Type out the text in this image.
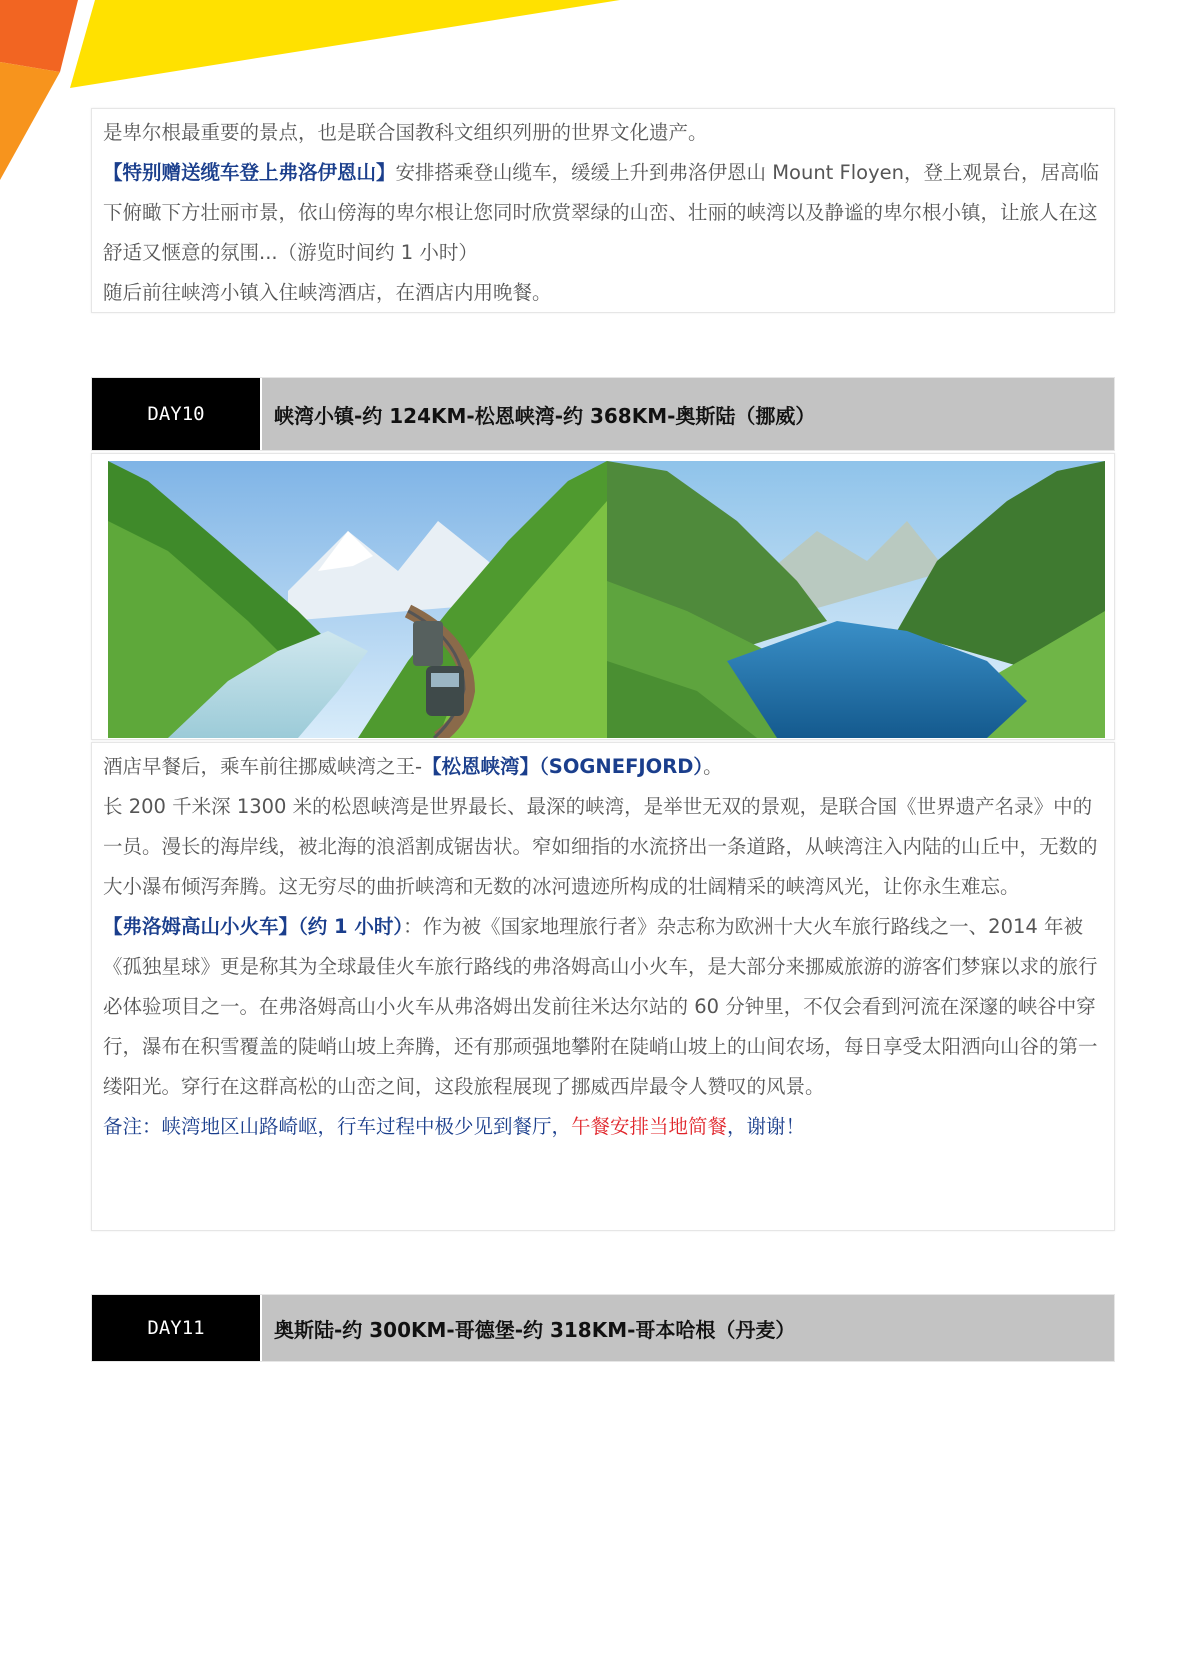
是卑尔根最重要的景点，也是联合国教科文组织列册的世界文化遗产。

【特别赠送缆车登上弗洛伊恩山】安排搭乘登山缆车，缓缓上升到弗洛伊恩山 Mount Floyen，登上观景台，居高临下俯瞰下方壮丽市景，依山傍海的卑尔根让您同时欣赏翠绿的山峦、壮丽的峡湾以及静谧的卑尔根小镇，让旅人在这舒适又惬意的氛围...（游览时间约 1 小时）

随后前往峡湾小镇入住峡湾酒店，在酒店内用晚餐。

DAY10	峡湾小镇-约 124KM-松恩峡湾-约 368KM-奥斯陆（挪威）

酒店早餐后，乘车前往挪威峡湾之王-【松恩峡湾】（SOGNEFJORD）。

长 200 千米深 1300 米的松恩峡湾是世界最长、最深的峡湾，是举世无双的景观，是联合国《世界遗产名录》中的一员。漫长的海岸线，被北海的浪滔割成锯齿状。窄如细指的水流挤出一条道路，从峡湾注入内陆的山丘中，无数的大小瀑布倾泻奔腾。这无穷尽的曲折峡湾和无数的冰河遗迹所构成的壮阔精采的峡湾风光，让你永生难忘。

【弗洛姆高山小火车】（约 1 小时）：作为被《国家地理旅行者》杂志称为欧洲十大火车旅行路线之一、2014 年被《孤独星球》更是称其为全球最佳火车旅行路线的弗洛姆高山小火车，是大部分来挪威旅游的游客们梦寐以求的旅行必体验项目之一。在弗洛姆高山小火车从弗洛姆出发前往米达尔站的 60 分钟里，不仅会看到河流在深邃的峡谷中穿行，瀑布在积雪覆盖的陡峭山坡上奔腾，还有那顽强地攀附在陡峭山坡上的山间农场，每日享受太阳洒向山谷的第一缕阳光。穿行在这群高松的山峦之间，这段旅程展现了挪威西岸最令人赞叹的风景。

备注：峡湾地区山路崎岖，行车过程中极少见到餐厅，午餐安排当地简餐，谢谢！

DAY11	奥斯陆-约 300KM-哥德堡-约 318KM-哥本哈根（丹麦）
